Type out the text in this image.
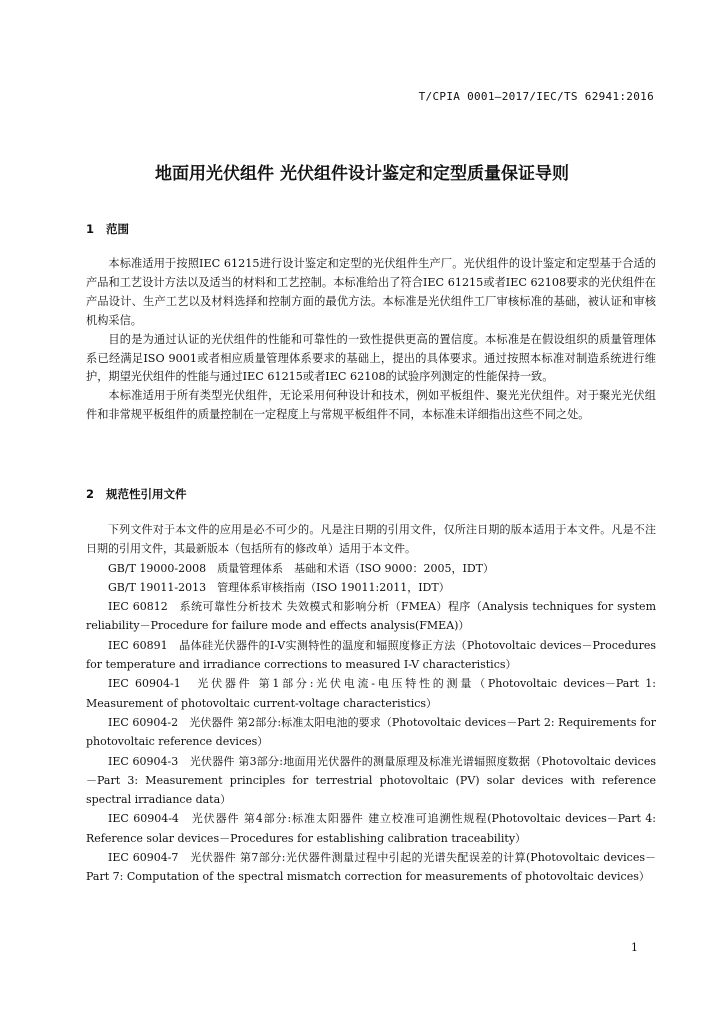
T/CPIA 0001—2017/IEC/TS 62941:2016
地面用光伏组件 光伏组件设计鉴定和定型质量保证导则
1 范围

本标准适用于按照IEC 61215进行设计鉴定和定型的光伏组件生产厂。光伏组件的设计鉴定和定型基于合适的产品和工艺设计方法以及适当的材料和工艺控制。本标准给出了符合IEC 61215或者IEC 62108要求的光伏组件在产品设计、生产工艺以及材料选择和控制方面的最优方法。本标准是光伏组件工厂审核标准的基础，被认证和审核机构采信。

目的是为通过认证的光伏组件的性能和可靠性的一致性提供更高的置信度。本标准是在假设组织的质量管理体系已经满足ISO 9001或者相应质量管理体系要求的基础上，提出的具体要求。通过按照本标准对制造系统进行维护，期望光伏组件的性能与通过IEC 61215或者IEC 62108的试验序列测定的性能保持一致。

本标准适用于所有类型光伏组件，无论采用何种设计和技术，例如平板组件、聚光光伏组件。对于聚光光伏组件和非常规平板组件的质量控制在一定程度上与常规平板组件不同，本标准未详细指出这些不同之处。

2 规范性引用文件

下列文件对于本文件的应用是必不可少的。凡是注日期的引用文件，仅所注日期的版本适用于本文件。凡是不注日期的引用文件，其最新版本（包括所有的修改单）适用于本文件。

GB/T 19000-2008　质量管理体系　基础和术语（ISO 9000：2005，IDT）

GB/T 19011-2013　管理体系审核指南（ISO 19011:2011，IDT）

IEC 60812　系统可靠性分析技术 失效模式和影响分析（FMEA）程序（Analysis techniques for system reliability－Procedure for failure mode and effects analysis(FMEA)）

IEC 60891　晶体硅光伏器件的I-V实测特性的温度和辐照度修正方法（Photovoltaic devices－Procedures for temperature and irradiance corrections to measured I-V characteristics）

IEC 60904-1　光伏器件 第1部分:光伏电流-电压特性的测量（Photovoltaic devices－Part 1: Measurement of photovoltaic current-voltage characteristics）

IEC 60904-2　光伏器件 第2部分:标准太阳电池的要求（Photovoltaic devices－Part 2: Requirements for photovoltaic reference devices）

IEC 60904-3　光伏器件 第3部分:地面用光伏器件的测量原理及标准光谱辐照度数据（Photovoltaic devices－Part 3: Measurement principles for terrestrial photovoltaic (PV) solar devices with reference spectral irradiance data）

IEC 60904-4　光伏器件 第4部分:标准太阳器件 建立校准可追溯性规程(Photovoltaic devices－Part 4: Reference solar devices－Procedures for establishing calibration traceability）

IEC 60904-7　光伏器件 第7部分:光伏器件测量过程中引起的光谱失配误差的计算(Photovoltaic devices－Part 7: Computation of the spectral mismatch correction for measurements of photovoltaic devices）

1
